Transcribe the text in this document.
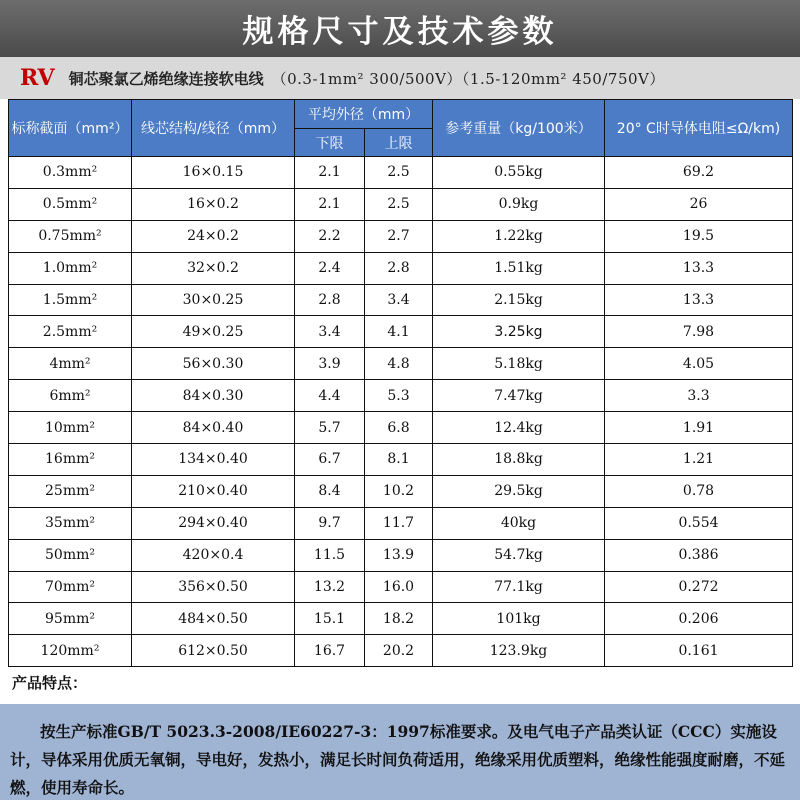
规格尺寸及技术参数
RV 铜芯聚氯乙烯绝缘连接软电线 （0.3-1mm² 300/500V）（1.5-120mm² 450/750V）
标称截面（mm²）	线芯结构/线径（mm）	平均外径（mm）		参考重量（kg/100米）	20° C时导体电阻≤Ω/km)
		下限	上限		
0.3mm²	16×0.15	2.1	2.5	0.55kg	69.2
0.5mm²	16×0.2	2.1	2.5	0.9kg	26
0.75mm²	24×0.2	2.2	2.7	1.22kg	19.5
1.0mm²	32×0.2	2.4	2.8	1.51kg	13.3
1.5mm²	30×0.25	2.8	3.4	2.15kg	13.3
2.5mm²	49×0.25	3.4	4.1	3.25kg	7.98
4mm²	56×0.30	3.9	4.8	5.18kg	4.05
6mm²	84×0.30	4.4	5.3	7.47kg	3.3
10mm²	84×0.40	5.7	6.8	12.4kg	1.91
16mm²	134×0.40	6.7	8.1	18.8kg	1.21
25mm²	210×0.40	8.4	10.2	29.5kg	0.78
35mm²	294×0.40	9.7	11.7	40kg	0.554
50mm²	420×0.4	11.5	13.9	54.7kg	0.386
70mm²	356×0.50	13.2	16.0	77.1kg	0.272
95mm²	484×0.50	15.1	18.2	101kg	0.206
120mm²	612×0.50	16.7	20.2	123.9kg	0.161
产品特点：
按生产标准GB/T 5023.3-2008/IE60227-3：1997标准要求。及电气电子产品类认证（CCC）实施设计，导体采用优质无氧铜，导电好，发热小，满足长时间负荷适用，绝缘采用优质塑料，绝缘性能强度耐磨，不延燃，使用寿命长。
